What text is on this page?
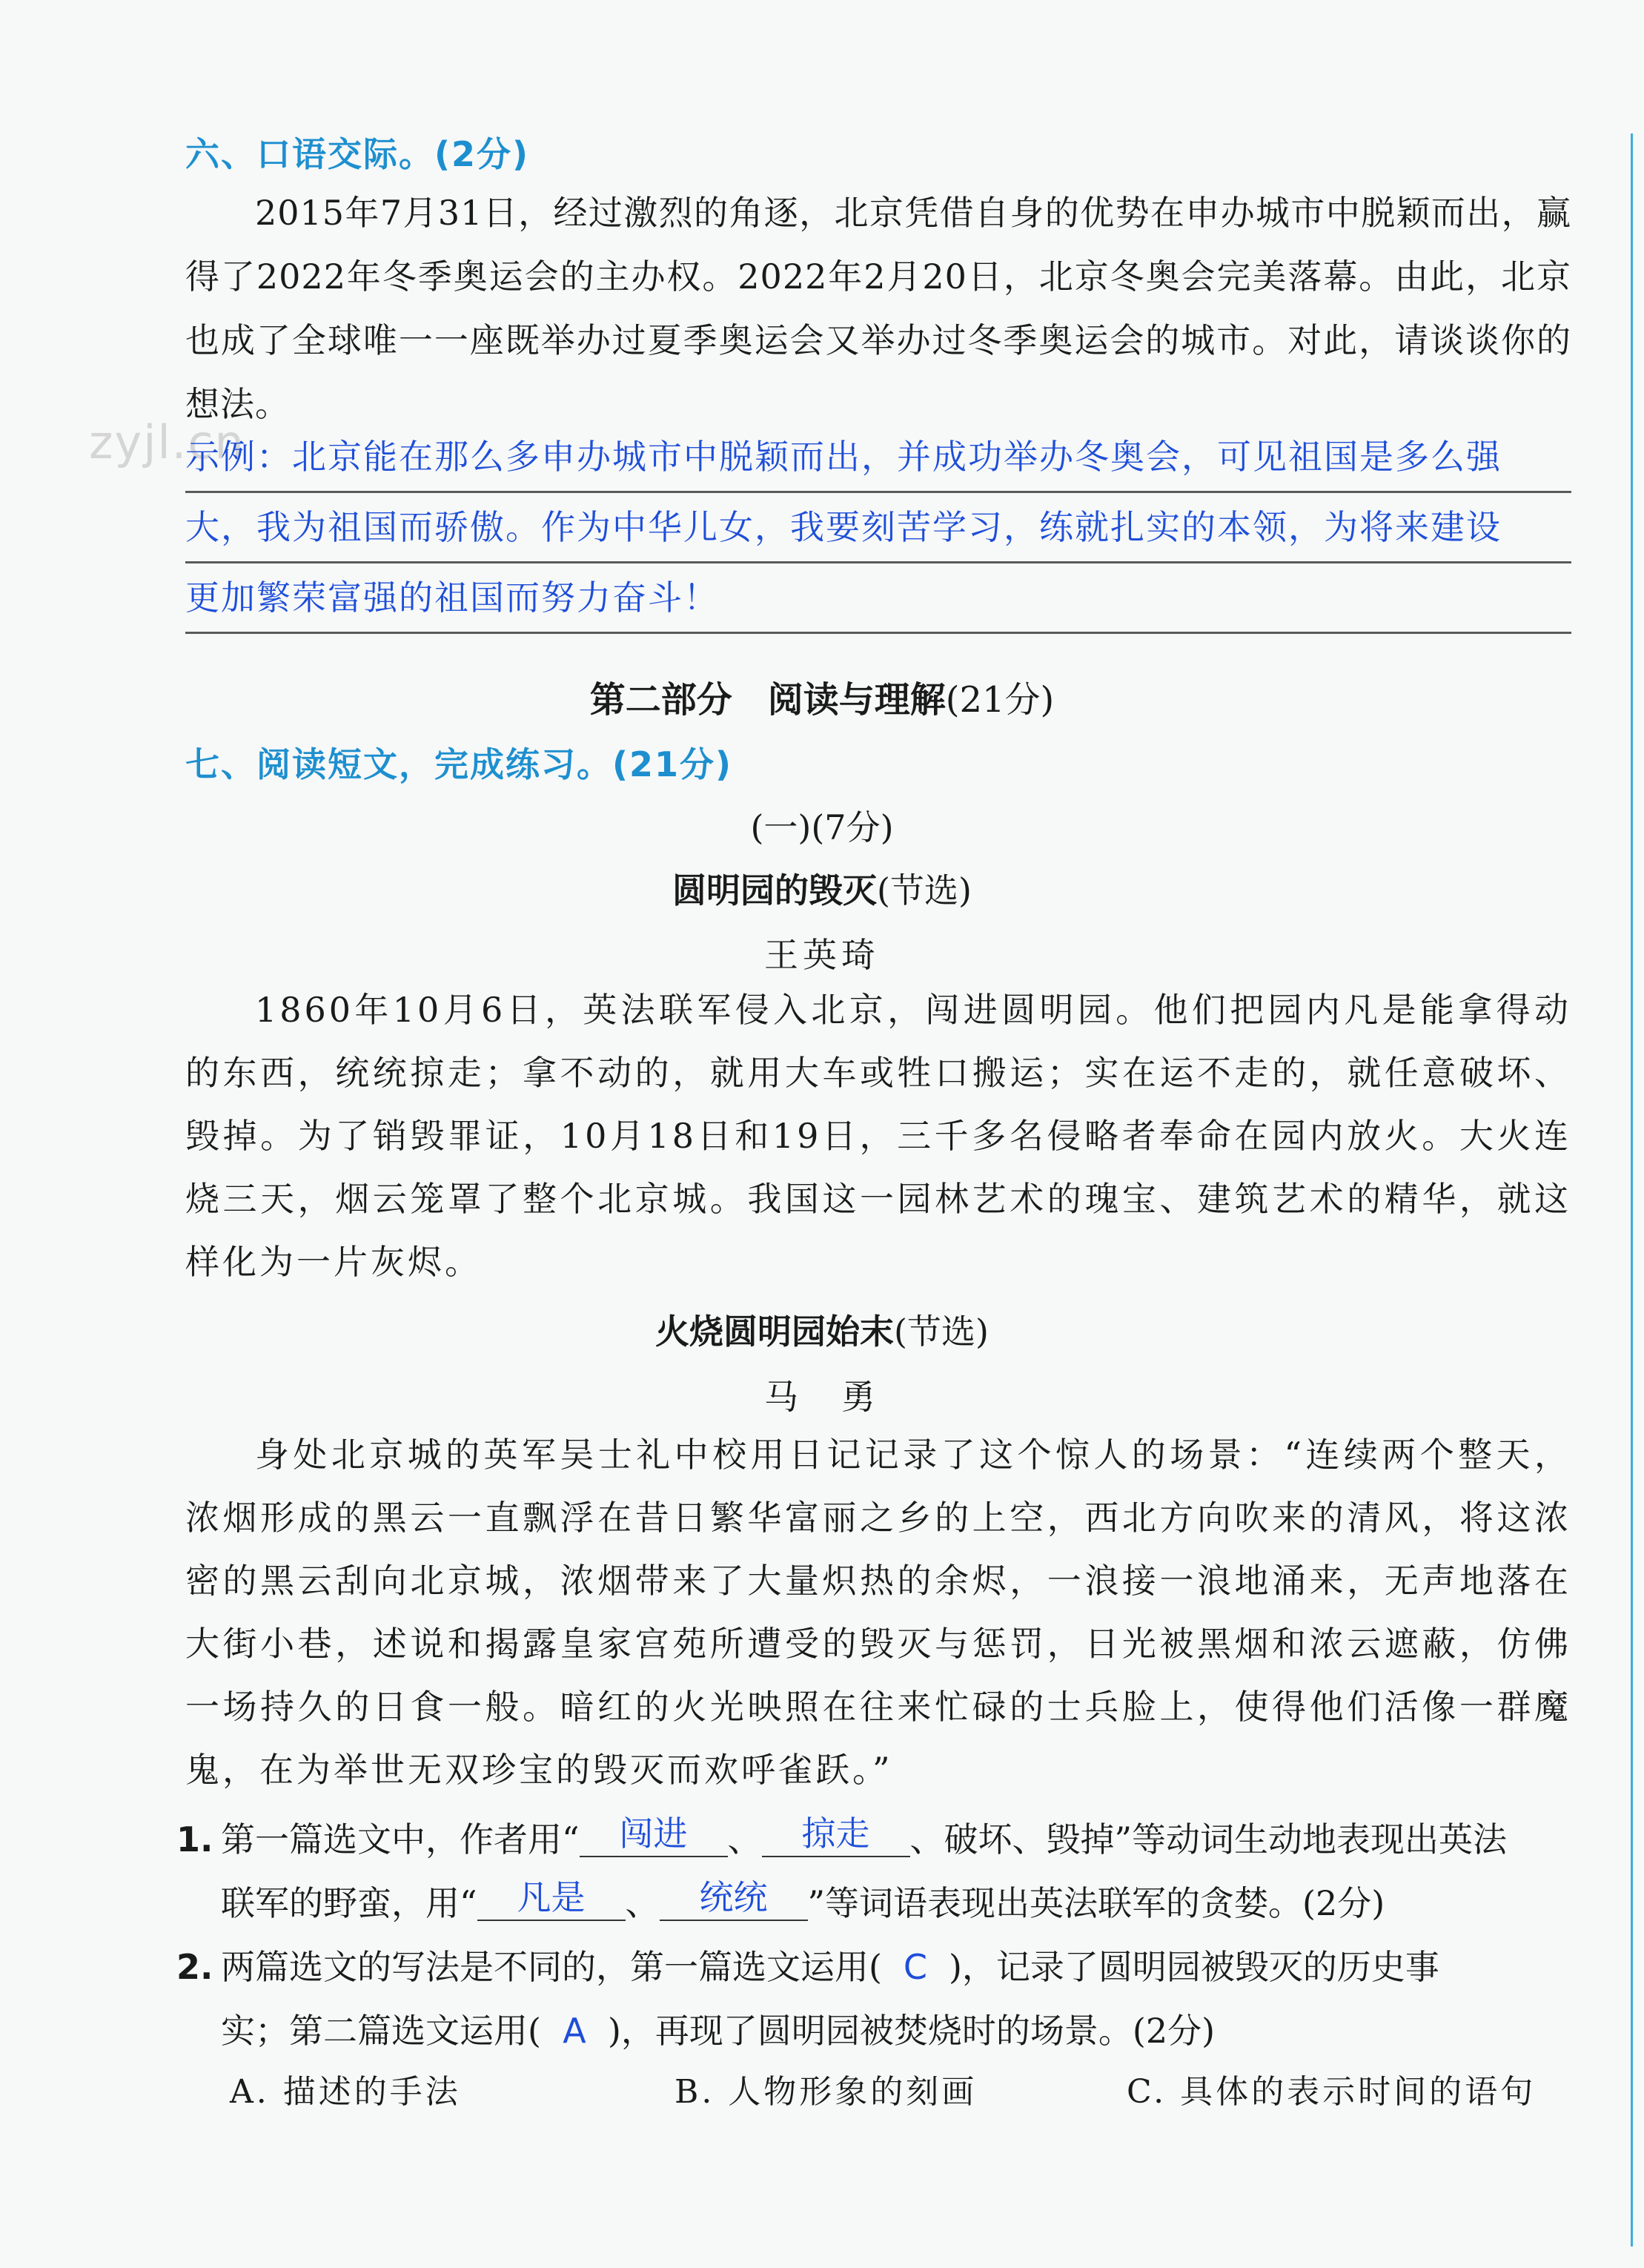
六、口语交际。(2分)

2015年7月31日，经过激烈的角逐，北京凭借自身的优势在申办城市中脱颖而出，赢得了2022年冬季奥运会的主办权。2022年2月20日，北京冬奥会完美落幕。由此，北京也成了全球唯一一座既举办过夏季奥运会又举办过冬季奥运会的城市。对此，请谈谈你的想法。

zyjl.cn
示例：北京能在那么多申办城市中脱颖而出，并成功举办冬奥会，可见祖国是多么强
大，我为祖国而骄傲。作为中华儿女，我要刻苦学习，练就扎实的本领，为将来建设
更加繁荣富强的祖国而努力奋斗！
第二部分　阅读与理解(21分)
七、阅读短文，完成练习。(21分)
(一)(7分)
圆明园的毁灭(节选)
王英琦

1860年10月6日，英法联军侵入北京，闯进圆明园。他们把园内凡是能拿得动的东西，统统掠走；拿不动的，就用大车或牲口搬运；实在运不走的，就任意破坏、毁掉。为了销毁罪证，10月18日和19日，三千多名侵略者奉命在园内放火。大火连烧三天，烟云笼罩了整个北京城。我国这一园林艺术的瑰宝、建筑艺术的精华，就这样化为一片灰烬。

火烧圆明园始末(节选)
马　勇

身处北京城的英军吴士礼中校用日记记录了这个惊人的场景：“连续两个整天，浓烟形成的黑云一直飘浮在昔日繁华富丽之乡的上空，西北方向吹来的清风，将这浓密的黑云刮向北京城，浓烟带来了大量炽热的余烬，一浪接一浪地涌来，无声地落在大街小巷，述说和揭露皇家宫苑所遭受的毁灭与惩罚，日光被黑烟和浓云遮蔽，仿佛一场持久的日食一般。暗红的火光映照在往来忙碌的士兵脸上，使得他们活像一群魔鬼，在为举世无双珍宝的毁灭而欢呼雀跃。”

1. 第一篇选文中，作者用“ 闯进 、 掠走 、破坏、毁掉”等动词生动地表现出英法
联军的野蛮，用“ 凡是 、 统统 ”等词语表现出英法联军的贪婪。(2分)
2. 两篇选文的写法是不同的，第一篇选文运用( C )，记录了圆明园被毁灭的历史事
实；第二篇选文运用( A )，再现了圆明园被焚烧时的场景。(2分)
A. 描述的手法	B. 人物形象的刻画	C. 具体的表示时间的语句
